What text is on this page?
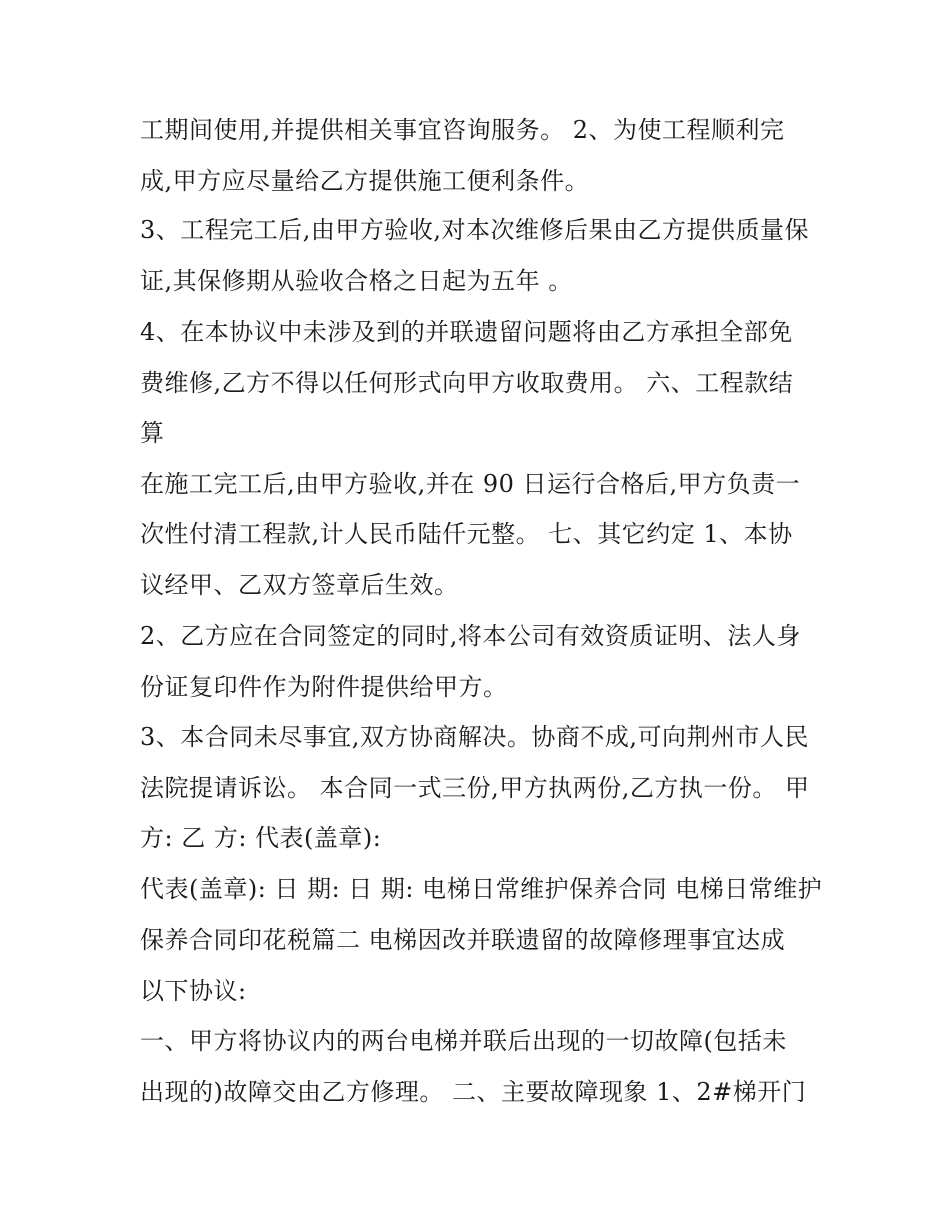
工期间使用,并提供相关事宜咨询服务。 2、为使工程顺利完
成,甲方应尽量给乙方提供施工便利条件。
3、工程完工后,由甲方验收,对本次维修后果由乙方提供质量保
证,其保修期从验收合格之日起为五年 。
4、在本协议中未涉及到的并联遗留问题将由乙方承担全部免
费维修,乙方不得以任何形式向甲方收取费用。 六、工程款结
算
在施工完工后,由甲方验收,并在 90 日运行合格后,甲方负责一
次性付清工程款,计人民币陆仟元整。 七、其它约定 1、本协
议经甲、乙双方签章后生效。
2、乙方应在合同签定的同时,将本公司有效资质证明、法人身
份证复印件作为附件提供给甲方。
3、本合同未尽事宜,双方协商解决。协商不成,可向荆州市人民
法院提请诉讼。 本合同一式三份,甲方执两份,乙方执一份。 甲
方: 乙 方: 代表(盖章):
代表(盖章): 日 期: 日 期: 电梯日常维护保养合同 电梯日常维护
保养合同印花税篇二 电梯因改并联遗留的故障修理事宜达成
以下协议:
一、甲方将协议内的两台电梯并联后出现的一切故障(包括未
出现的)故障交由乙方修理。 二、主要故障现象 1、2#梯开门
